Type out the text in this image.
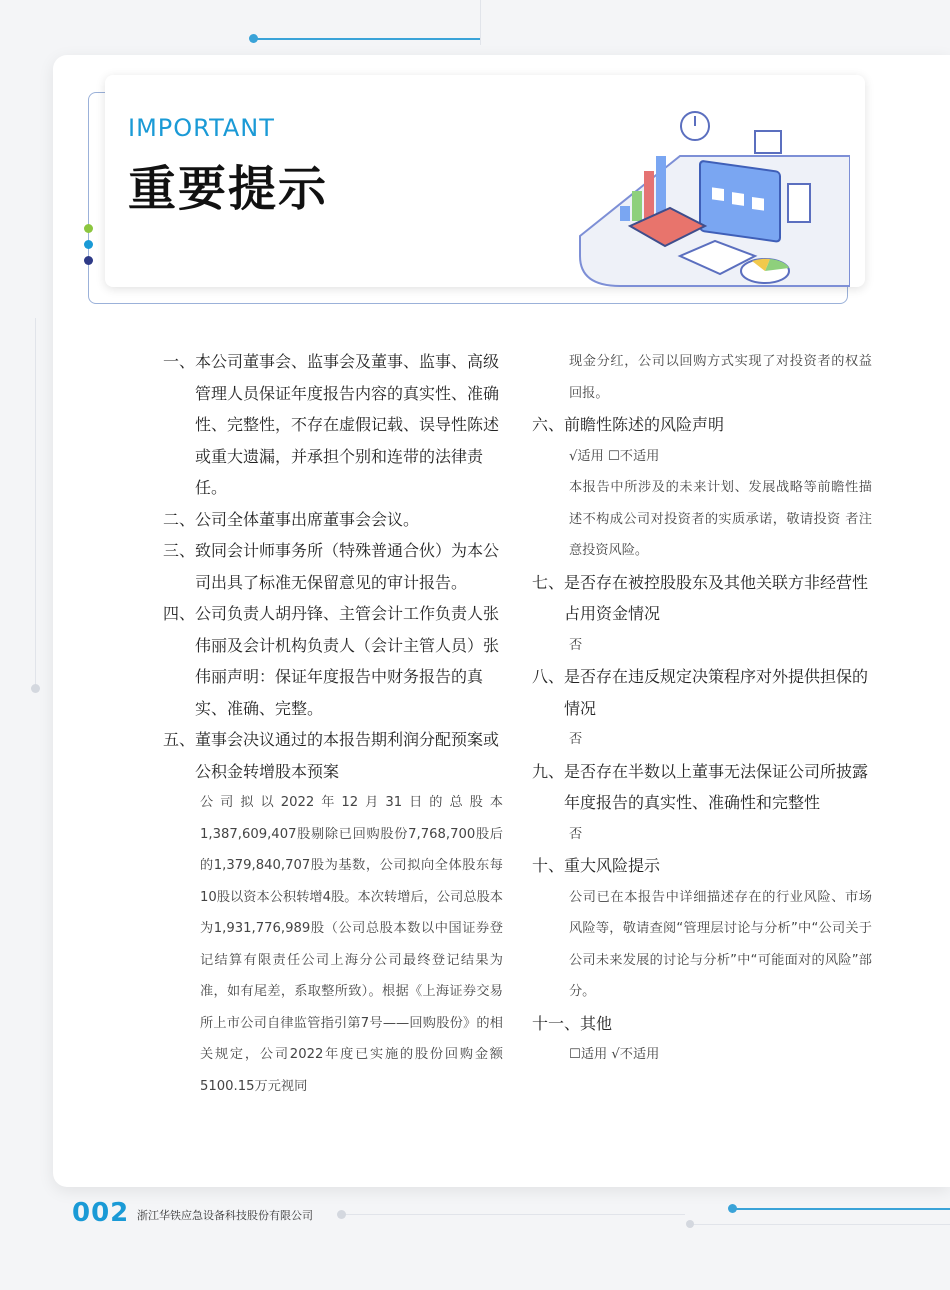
IMPORTANT
重要提示
一、 本公司董事会、监事会及董事、监事、高级管理人员保证年度报告内容的真实性、准确性、完整性，不存在虚假记载、误导性陈述或重大遗漏，并承担个别和连带的法律责任。
二、 公司全体董事出席董事会会议。
三、 致同会计师事务所（特殊普通合伙）为本公司出具了标准无保留意见的审计报告。
四、 公司负责人胡丹锋、主管会计工作负责人张伟丽及会计机构负责人（会计主管人员）张伟丽声明：保证年度报告中财务报告的真实、准确、完整。
五、 董事会决议通过的本报告期利润分配预案或公积金转增股本预案
公司拟以2022年12月31日的总股本1,387,609,407股剔除已回购股份7,768,700股后的1,379,840,707股为基数，公司拟向全体股东每10股以资本公积转增4股。本次转增后，公司总股本为1,931,776,989股（公司总股本数以中国证券登记结算有限责任公司上海分公司最终登记结果为准，如有尾差，系取整所致）。根据《上海证券交易所上市公司自律监管指引第7号——回购股份》的相关规定，公司2022年度已实施的股份回购金额5100.15万元视同
现金分红，公司以回购方式实现了对投资者的权益回报。
六、 前瞻性陈述的风险声明
√适用 ☐不适用
本报告中所涉及的未来计划、发展战略等前瞻性描述不构成公司对投资者的实质承诺，敬请投资 者注意投资风险。
七、 是否存在被控股股东及其他关联方非经营性占用资金情况
否
八、 是否存在违反规定决策程序对外提供担保的情况
否
九、 是否存在半数以上董事无法保证公司所披露年度报告的真实性、准确性和完整性
否
十、 重大风险提示
公司已在本报告中详细描述存在的行业风险、市场风险等，敬请查阅“管理层讨论与分析”中“公司关于公司未来发展的讨论与分析”中“可能面对的风险”部分。
十一、 其他
☐适用 √不适用
002 浙江华铁应急设备科技股份有限公司
